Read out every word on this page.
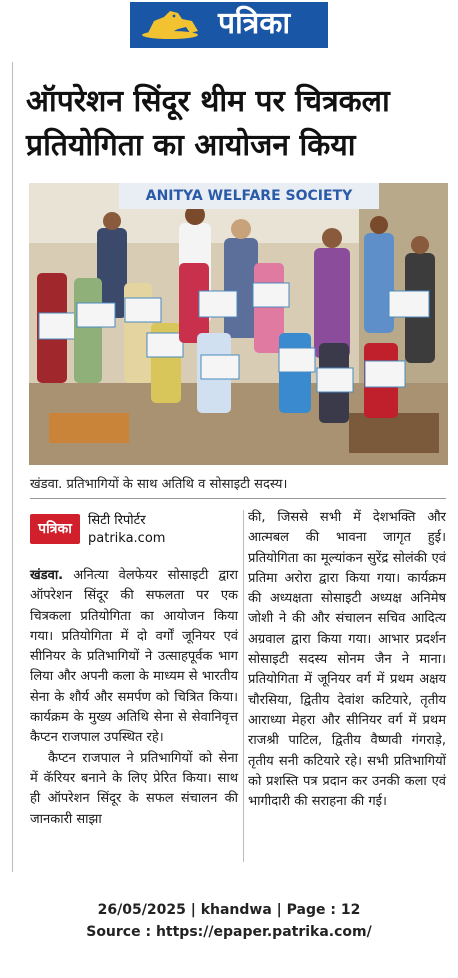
पत्रिका
ऑपरेशन सिंदूर थीम पर चित्रकला प्रतियोगिता का आयोजन किया
ANITYA WELFARE SOCIETY
खंडवा. प्रतिभागियों के साथ अतिथि व सोसाइटी सदस्य।
पत्रिका
सिटी रिपोर्टर
patrika.com
खंडवा. अनित्या वेलफेयर सोसाइटी द्वारा ऑपरेशन सिंदूर की सफलता पर एक चित्रकला प्रतियोगिता का आयोजन किया गया। प्रतियोगिता में दो वर्गों जूनियर एवं सीनियर के प्रतिभागियों ने उत्साहपूर्वक भाग लिया और अपनी कला के माध्यम से भारतीय सेना के शौर्य और समर्पण को चित्रित किया। कार्यक्रम के मुख्य अतिथि सेना से सेवानिवृत्त कैप्टन राजपाल उपस्थित रहे।
कैप्टन राजपाल ने प्रतिभागियों को सेना में कॅरियर बनाने के लिए प्रेरित किया। साथ ही ऑपरेशन सिंदूर के सफल संचालन की जानकारी साझा
की, जिससे सभी में देशभक्ति और आत्मबल की भावना जागृत हुई। प्रतियोगिता का मूल्यांकन सुरेंद्र सोलंकी एवं प्रतिमा अरोरा द्वारा किया गया। कार्यक्रम की अध्यक्षता सोसाइटी अध्यक्ष अनिमेष जोशी ने की और संचालन सचिव आदित्य अग्रवाल द्वारा किया गया। आभार प्रदर्शन सोसाइटी सदस्य सोनम जैन ने माना। प्रतियोगिता में जूनियर वर्ग में प्रथम अक्षय चौरसिया, द्वितीय देवांश कटियारे, तृतीय आराध्या मेहरा और सीनियर वर्ग में प्रथम राजश्री पाटिल, द्वितीय वैष्णवी गंगराड़े, तृतीय सनी कटियारे रहे। सभी प्रतिभागियों को प्रशस्ति पत्र प्रदान कर उनकी कला एवं भागीदारी की सराहना की गई।
26/05/2025 | khandwa | Page : 12
Source : https://epaper.patrika.com/
